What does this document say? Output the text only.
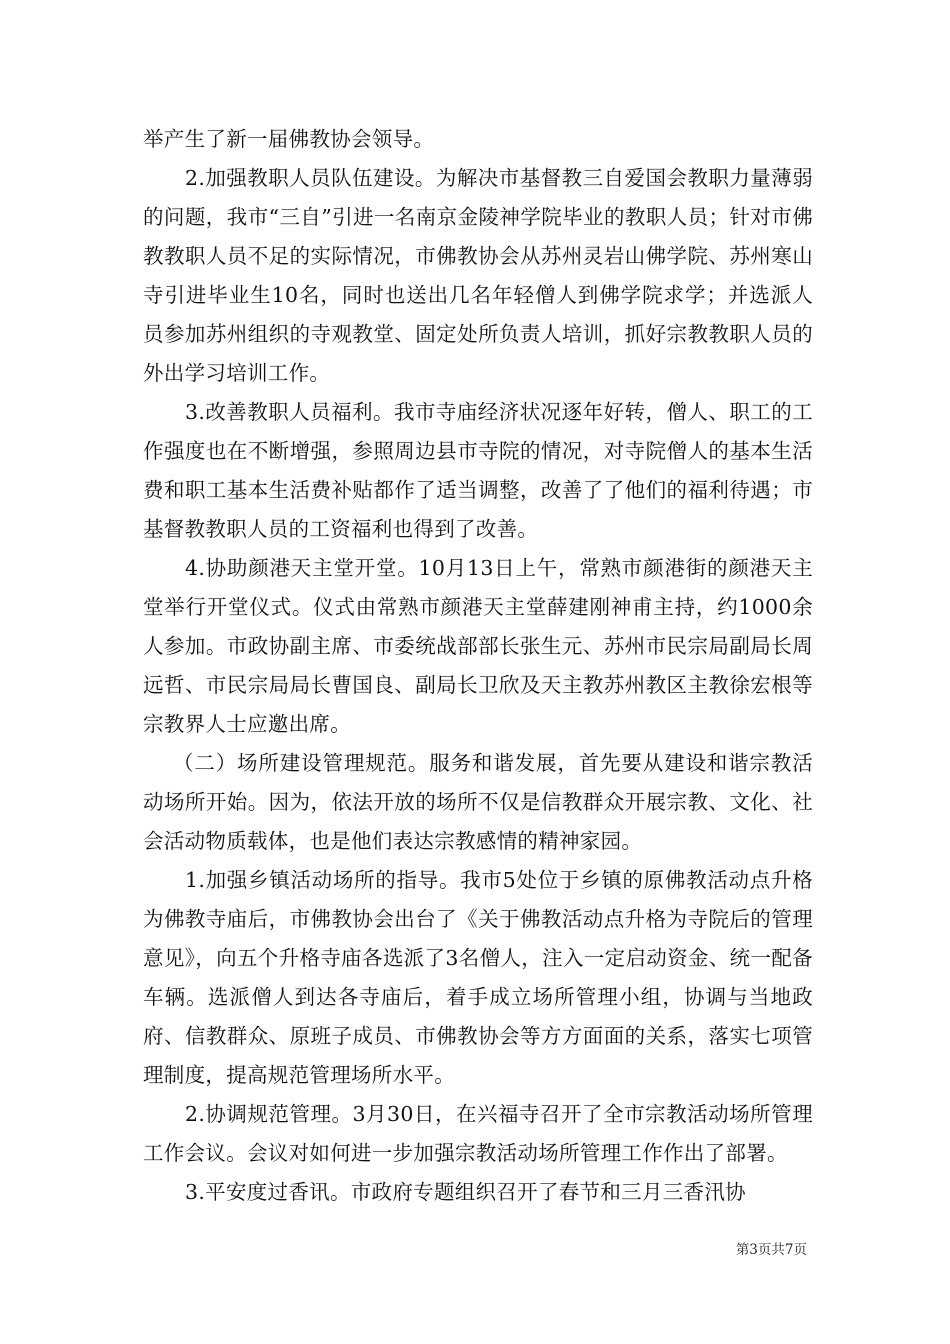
举产生了新一届佛教协会领导。

2.加强教职人员队伍建设。为解决市基督教三自爱国会教职力量薄弱的问题，我市“三自”引进一名南京金陵神学院毕业的教职人员；针对市佛教教职人员不足的实际情况，市佛教协会从苏州灵岩山佛学院、苏州寒山寺引进毕业生10名，同时也送出几名年轻僧人到佛学院求学；并选派人员参加苏州组织的寺观教堂、固定处所负责人培训，抓好宗教教职人员的外出学习培训工作。

3.改善教职人员福利。我市寺庙经济状况逐年好转，僧人、职工的工作强度也在不断增强，参照周边县市寺院的情况，对寺院僧人的基本生活费和职工基本生活费补贴都作了适当调整，改善了了他们的福利待遇；市基督教教职人员的工资福利也得到了改善。

4.协助颜港天主堂开堂。10月13日上午，常熟市颜港街的颜港天主堂举行开堂仪式。仪式由常熟市颜港天主堂薛建刚神甫主持，约1000余人参加。市政协副主席、市委统战部部长张生元、苏州市民宗局副局长周远哲、市民宗局局长曹国良、副局长卫欣及天主教苏州教区主教徐宏根等宗教界人士应邀出席。

（二）场所建设管理规范。服务和谐发展，首先要从建设和谐宗教活动场所开始。因为，依法开放的场所不仅是信教群众开展宗教、文化、社会活动物质载体，也是他们表达宗教感情的精神家园。

1.加强乡镇活动场所的指导。我市5处位于乡镇的原佛教活动点升格为佛教寺庙后，市佛教协会出台了《关于佛教活动点升格为寺院后的管理意见》，向五个升格寺庙各选派了3名僧人，注入一定启动资金、统一配备车辆。选派僧人到达各寺庙后，着手成立场所管理小组，协调与当地政府、信教群众、原班子成员、市佛教协会等方方面面的关系，落实七项管理制度，提高规范管理场所水平。

2.协调规范管理。3月30日，在兴福寺召开了全市宗教活动场所管理工作会议。会议对如何进一步加强宗教活动场所管理工作作出了部署。

3.平安度过香讯。市政府专题组织召开了春节和三月三香汛协

第3页共7页
